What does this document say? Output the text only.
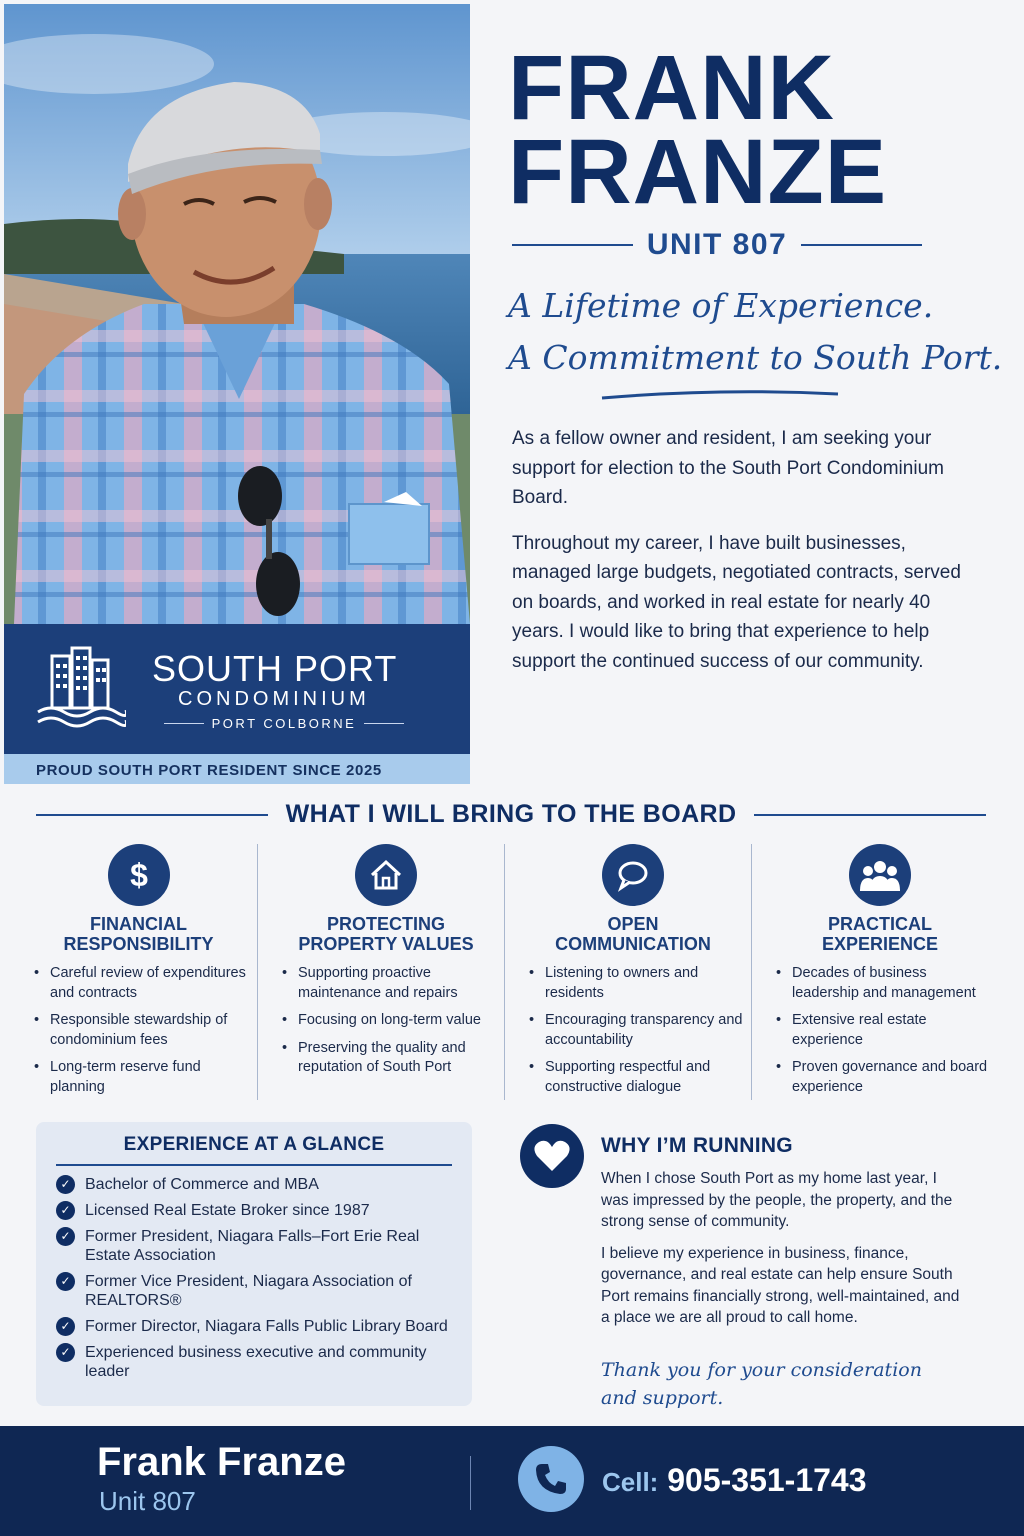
SOUTH PORT
CONDOMINIUM
PORT COLBORNE
PROUD SOUTH PORT RESIDENT SINCE 2025
FRANK
FRANZE
UNIT 807
A Lifetime of Experience.
A Commitment to South Port.

As a fellow owner and resident, I am seeking your support for election to the South Port Condominium Board.

Throughout my career, I have built businesses, managed large budgets, negotiated contracts, served on boards, and worked in real estate for nearly 40 years. I would like to bring that experience to help support the continued success of our community.

WHAT I WILL BRING TO THE BOARD
$
FINANCIAL
RESPONSIBILITY
• Careful review of expenditures and contracts
• Responsible stewardship of condominium fees
• Long-term reserve fund planning
PROTECTING
PROPERTY VALUES
• Supporting proactive maintenance and repairs
• Focusing on long-term value
• Preserving the quality and reputation of South Port
OPEN
COMMUNICATION
• Listening to owners and residents
• Encouraging transparency and accountability
• Supporting respectful and constructive dialogue
PRACTICAL
EXPERIENCE
• Decades of business leadership and management
• Extensive real estate experience
• Proven governance and board experience
EXPERIENCE AT A GLANCE
✓ Bachelor of Commerce and MBA
✓ Licensed Real Estate Broker since 1987
✓ Former President, Niagara Falls–Fort Erie Real Estate Association
✓ Former Vice President, Niagara Association of REALTORS®
✓ Former Director, Niagara Falls Public Library Board
✓ Experienced business executive and community leader
WHY I’M RUNNING

When I chose South Port as my home last year, I was impressed by the people, the property, and the strong sense of community.

I believe my experience in business, finance, governance, and real estate can help ensure South Port remains financially strong, well-maintained, and a place we are all proud to call home.

Thank you for your consideration and support.
Frank Franze
Unit 807
Cell: 905-351-1743
